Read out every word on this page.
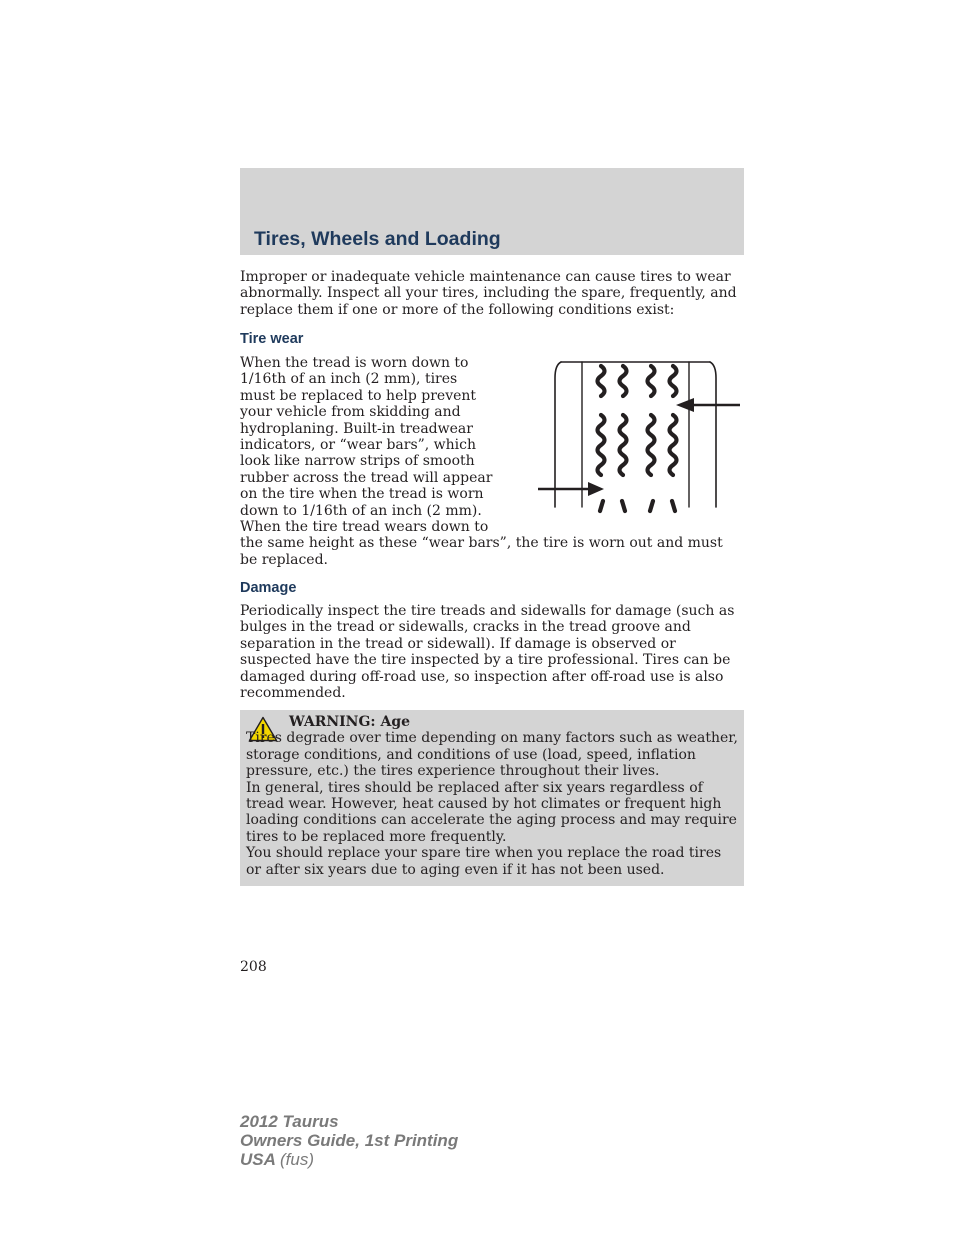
Tires, Wheels and Loading

Improper or inadequate vehicle maintenance can cause tires to wear abnormally. Inspect all your tires, including the spare, frequently, and replace them if one or more of the following conditions exist:

Tire wear
When the tread is worn down to 1/16th of an inch (2 mm), tires must be replaced to help prevent your vehicle from skidding and hydroplaning. Built-in treadwear indicators, or “wear bars”, which look like narrow strips of smooth rubber across the tread will appear on the tire when the tread is worn down to 1/16th of an inch (2 mm). When the tire tread wears down to the same height as these “wear bars”, the tire is worn out and must be replaced.
Damage

Periodically inspect the tire treads and sidewalls for damage (such as bulges in the tread or sidewalls, cracks in the tread groove and separation in the tread or sidewall). If damage is observed or suspected have the tire inspected by a tire professional. Tires can be damaged during off-road use, so inspection after off-road use is also recommended.

WARNING: Age
Tires degrade over time depending on many factors such as weather, storage conditions, and conditions of use (load, speed, inflation pressure, etc.) the tires experience throughout their lives.
In general, tires should be replaced after six years regardless of tread wear. However, heat caused by hot climates or frequent high loading conditions can accelerate the aging process and may require tires to be replaced more frequently.
You should replace your spare tire when you replace the road tires or after six years due to aging even if it has not been used.
208
2012 Taurus
Owners Guide, 1st Printing
USA (fus)
